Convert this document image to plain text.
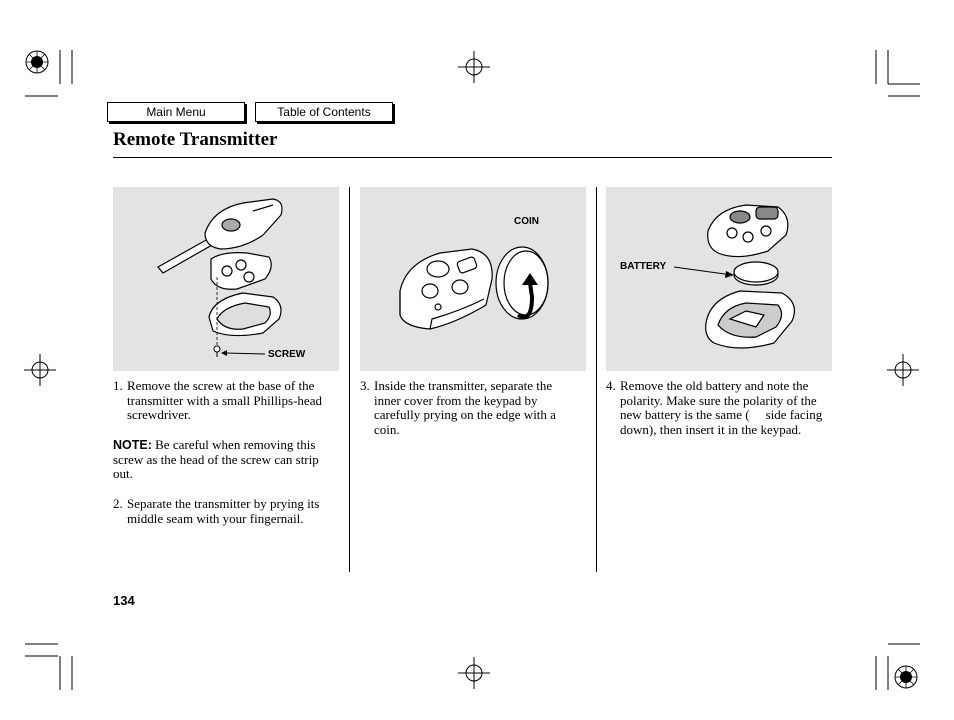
Main Menu	Table of Contents
Remote Transmitter
SCREW
COIN
BATTERY
1. Remove the screw at the base of the transmitter with a small Phillips-head screwdriver.
NOTE: Be careful when removing this screw as the head of the screw can strip out.
2. Separate the transmitter by prying its middle seam with your fingernail.
3. Inside the transmitter, separate the inner cover from the keypad by carefully prying on the edge with a coin.
4. Remove the old battery and note the polarity. Make sure the polarity of the new battery is the same ( side facing down), then insert it in the keypad.
134
